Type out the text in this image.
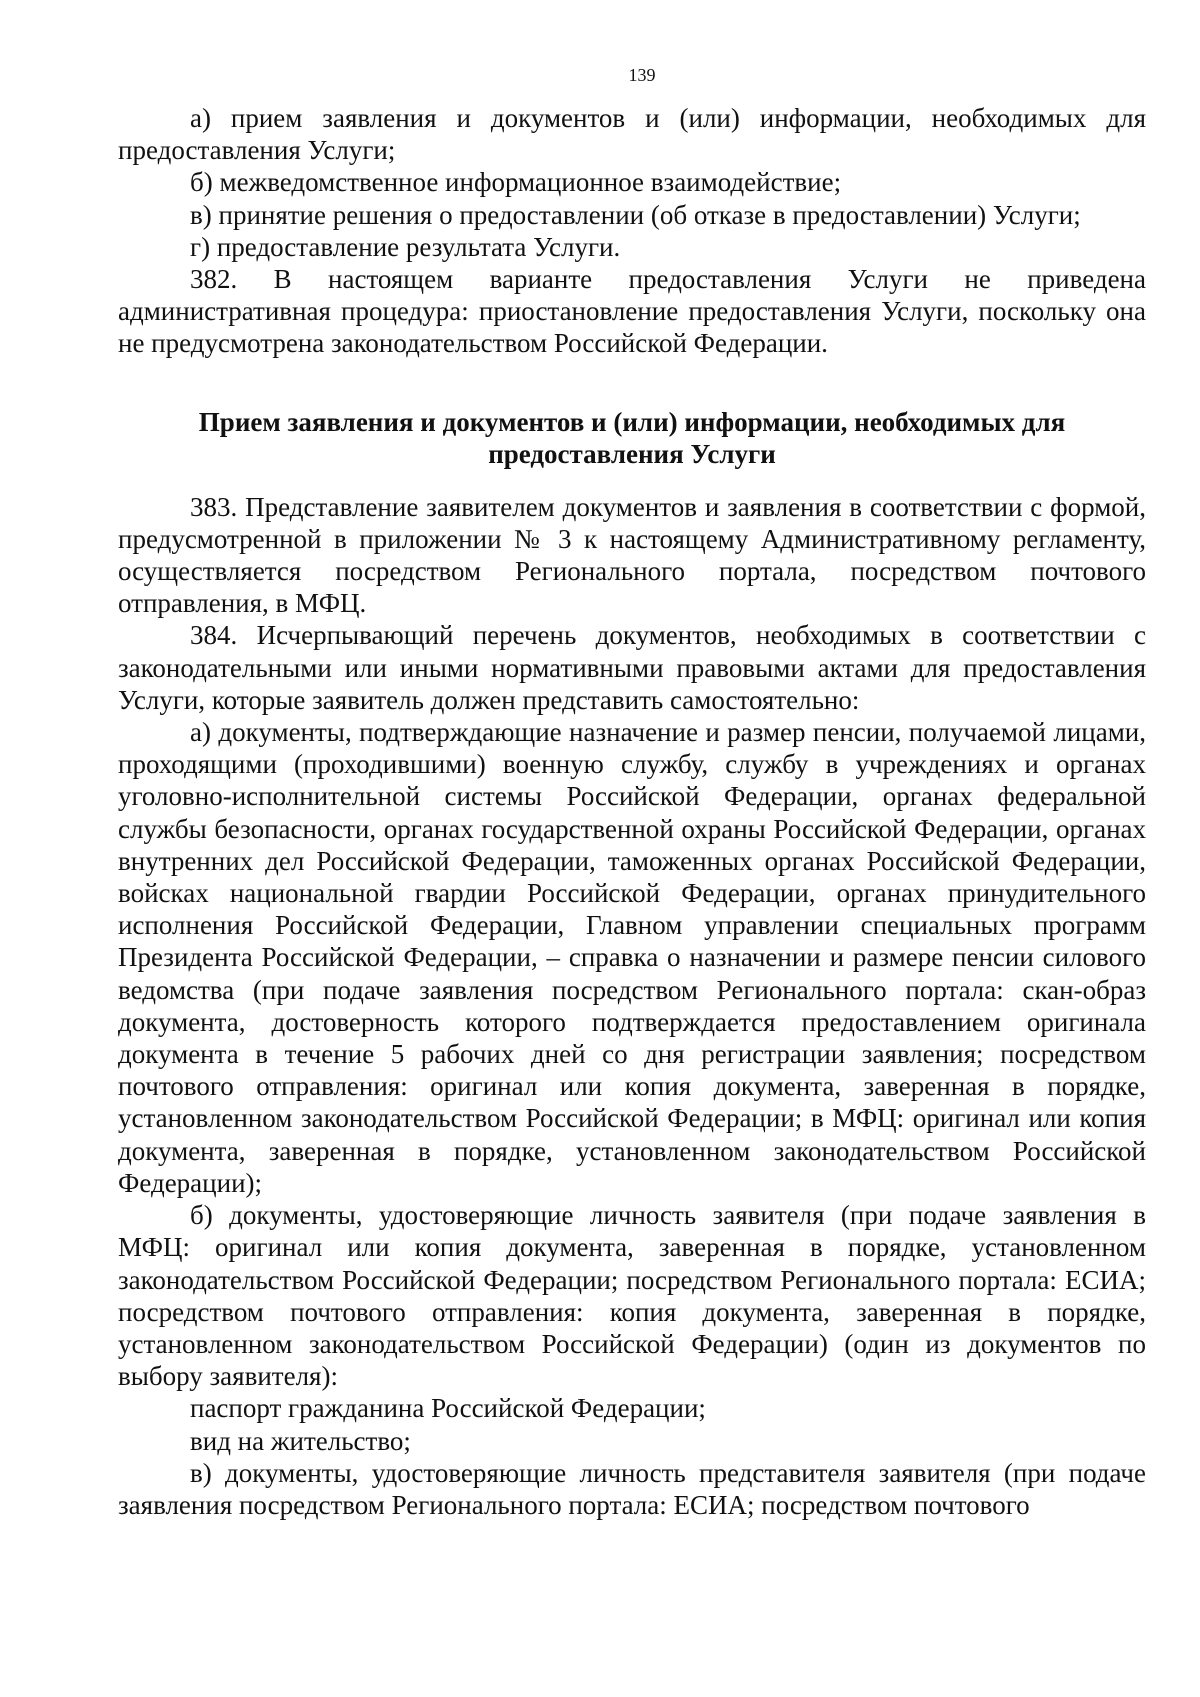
139

а) прием заявления и документов и (или) информации, необходимых для предоставления Услуги;

б) межведомственное информационное взаимодействие;

в) принятие решения о предоставлении (об отказе в предоставлении) Услуги;

г) предоставление результата Услуги.

382. В настоящем варианте предоставления Услуги не приведена административная процедура: приостановление предоставления Услуги, поскольку она не предусмотрена законодательством Российской Федерации.

Прием заявления и документов и (или) информации, необходимых для
предоставления Услуги

383. Представление заявителем документов и заявления в соответствии с формой, предусмотренной в приложении № 3 к настоящему Административному регламенту, осуществляется посредством Регионального портала, посредством почтового отправления, в МФЦ.

384. Исчерпывающий перечень документов, необходимых в соответствии с законодательными или иными нормативными правовыми актами для предоставления Услуги, которые заявитель должен представить самостоятельно:

а) документы, подтверждающие назначение и размер пенсии, получаемой лицами, проходящими (проходившими) военную службу, службу в учреждениях и органах уголовно-исполнительной системы Российской Федерации, органах федеральной службы безопасности, органах государственной охраны Российской Федерации, органах внутренних дел Российской Федерации, таможенных органах Российской Федерации, войсках национальной гвардии Российской Федерации, органах принудительного исполнения Российской Федерации, Главном управлении специальных программ Президента Российской Федерации, – справка о назначении и размере пенсии силового ведомства (при подаче заявления посредством Регионального портала: скан-образ документа, достоверность которого подтверждается предоставлением оригинала документа в течение 5 рабочих дней со дня регистрации заявления; посредством почтового отправления: оригинал или копия документа, заверенная в порядке, установленном законодательством Российской Федерации; в МФЦ: оригинал или копия документа, заверенная в порядке, установленном законодательством Российской Федерации);

б) документы, удостоверяющие личность заявителя (при подаче заявления в МФЦ: оригинал или копия документа, заверенная в порядке, установленном законодательством Российской Федерации; посредством Регионального портала: ЕСИА; посредством почтового отправления: копия документа, заверенная в порядке, установленном законодательством Российской Федерации) (один из документов по выбору заявителя):

паспорт гражданина Российской Федерации;

вид на жительство;

в) документы, удостоверяющие личность представителя заявителя (при подаче заявления посредством Регионального портала: ЕСИА; посредством почтового
